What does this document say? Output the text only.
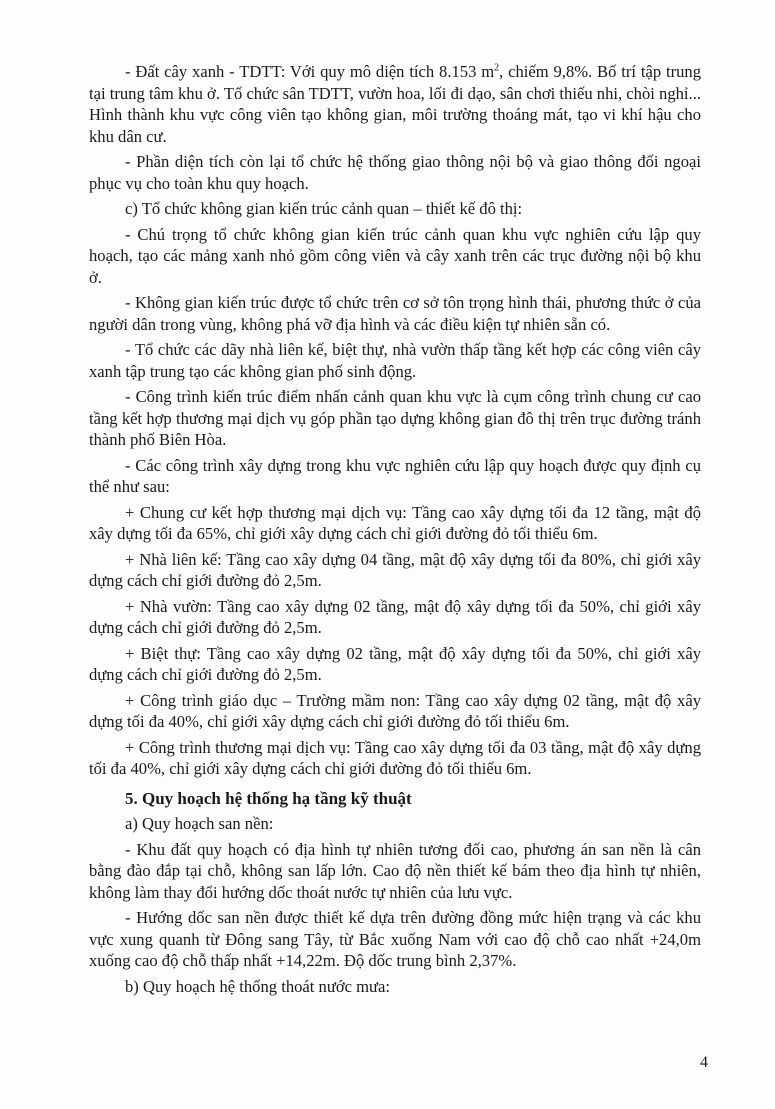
- Đất cây xanh - TDTT: Với quy mô diện tích 8.153 $m^2$, chiếm 9,8%. Bố trí tập trung tại trung tâm khu ở. Tổ chức sân TDTT, vườn hoa, lối đi dạo, sân chơi thiếu nhi, chòi nghỉ... Hình thành khu vực công viên tạo không gian, môi trường thoáng mát, tạo vi khí hậu cho khu dân cư.

- Phần diện tích còn lại tổ chức hệ thống giao thông nội bộ và giao thông đối ngoại phục vụ cho toàn khu quy hoạch.

c) Tổ chức không gian kiến trúc cảnh quan – thiết kế đô thị:

- Chú trọng tổ chức không gian kiến trúc cảnh quan khu vực nghiên cứu lập quy hoạch, tạo các mảng xanh nhỏ gồm công viên và cây xanh trên các trục đường nội bộ khu ở.

- Không gian kiến trúc được tổ chức trên cơ sở tôn trọng hình thái, phương thức ở của người dân trong vùng, không phá vỡ địa hình và các điều kiện tự nhiên sẵn có.

- Tổ chức các dãy nhà liên kế, biệt thự, nhà vườn thấp tầng kết hợp các công viên cây xanh tập trung tạo các không gian phố sinh động.

- Công trình kiến trúc điểm nhấn cảnh quan khu vực là cụm công trình chung cư cao tầng kết hợp thương mại dịch vụ góp phần tạo dựng không gian đô thị trên trục đường tránh thành phố Biên Hòa.

- Các công trình xây dựng trong khu vực nghiên cứu lập quy hoạch được quy định cụ thể như sau:

+ Chung cư kết hợp thương mại dịch vụ: Tầng cao xây dựng tối đa 12 tầng, mật độ xây dựng tối đa 65%, chỉ giới xây dựng cách chỉ giới đường đỏ tối thiểu 6m.

+ Nhà liên kế: Tầng cao xây dựng 04 tầng, mật độ xây dựng tối đa 80%, chỉ giới xây dựng cách chỉ giới đường đỏ 2,5m.

+ Nhà vườn: Tầng cao xây dựng 02 tầng, mật độ xây dựng tối đa 50%, chỉ giới xây dựng cách chỉ giới đường đỏ 2,5m.

+ Biệt thự: Tầng cao xây dựng 02 tầng, mật độ xây dựng tối đa 50%, chỉ giới xây dựng cách chỉ giới đường đỏ 2,5m.

+ Công trình giáo dục – Trường mầm non: Tầng cao xây dựng 02 tầng, mật độ xây dựng tối đa 40%, chỉ giới xây dựng cách chỉ giới đường đỏ tối thiểu 6m.

+ Công trình thương mại dịch vụ: Tầng cao xây dựng tối đa 03 tầng, mật độ xây dựng tối đa 40%, chỉ giới xây dựng cách chỉ giới đường đỏ tối thiểu 6m.

5. Quy hoạch hệ thống hạ tầng kỹ thuật

a) Quy hoạch san nền:

- Khu đất quy hoạch có địa hình tự nhiên tương đối cao, phương án san nền là cân bằng đào đắp tại chỗ, không san lấp lớn. Cao độ nền thiết kế bám theo địa hình tự nhiên, không làm thay đổi hướng dốc thoát nước tự nhiên của lưu vực.

- Hướng dốc san nền được thiết kế dựa trên đường đồng mức hiện trạng và các khu vực xung quanh từ Đông sang Tây, từ Bắc xuống Nam với cao độ chỗ cao nhất +24,0m xuống cao độ chỗ thấp nhất +14,22m. Độ dốc trung bình 2,37%.

b) Quy hoạch hệ thống thoát nước mưa:

4
